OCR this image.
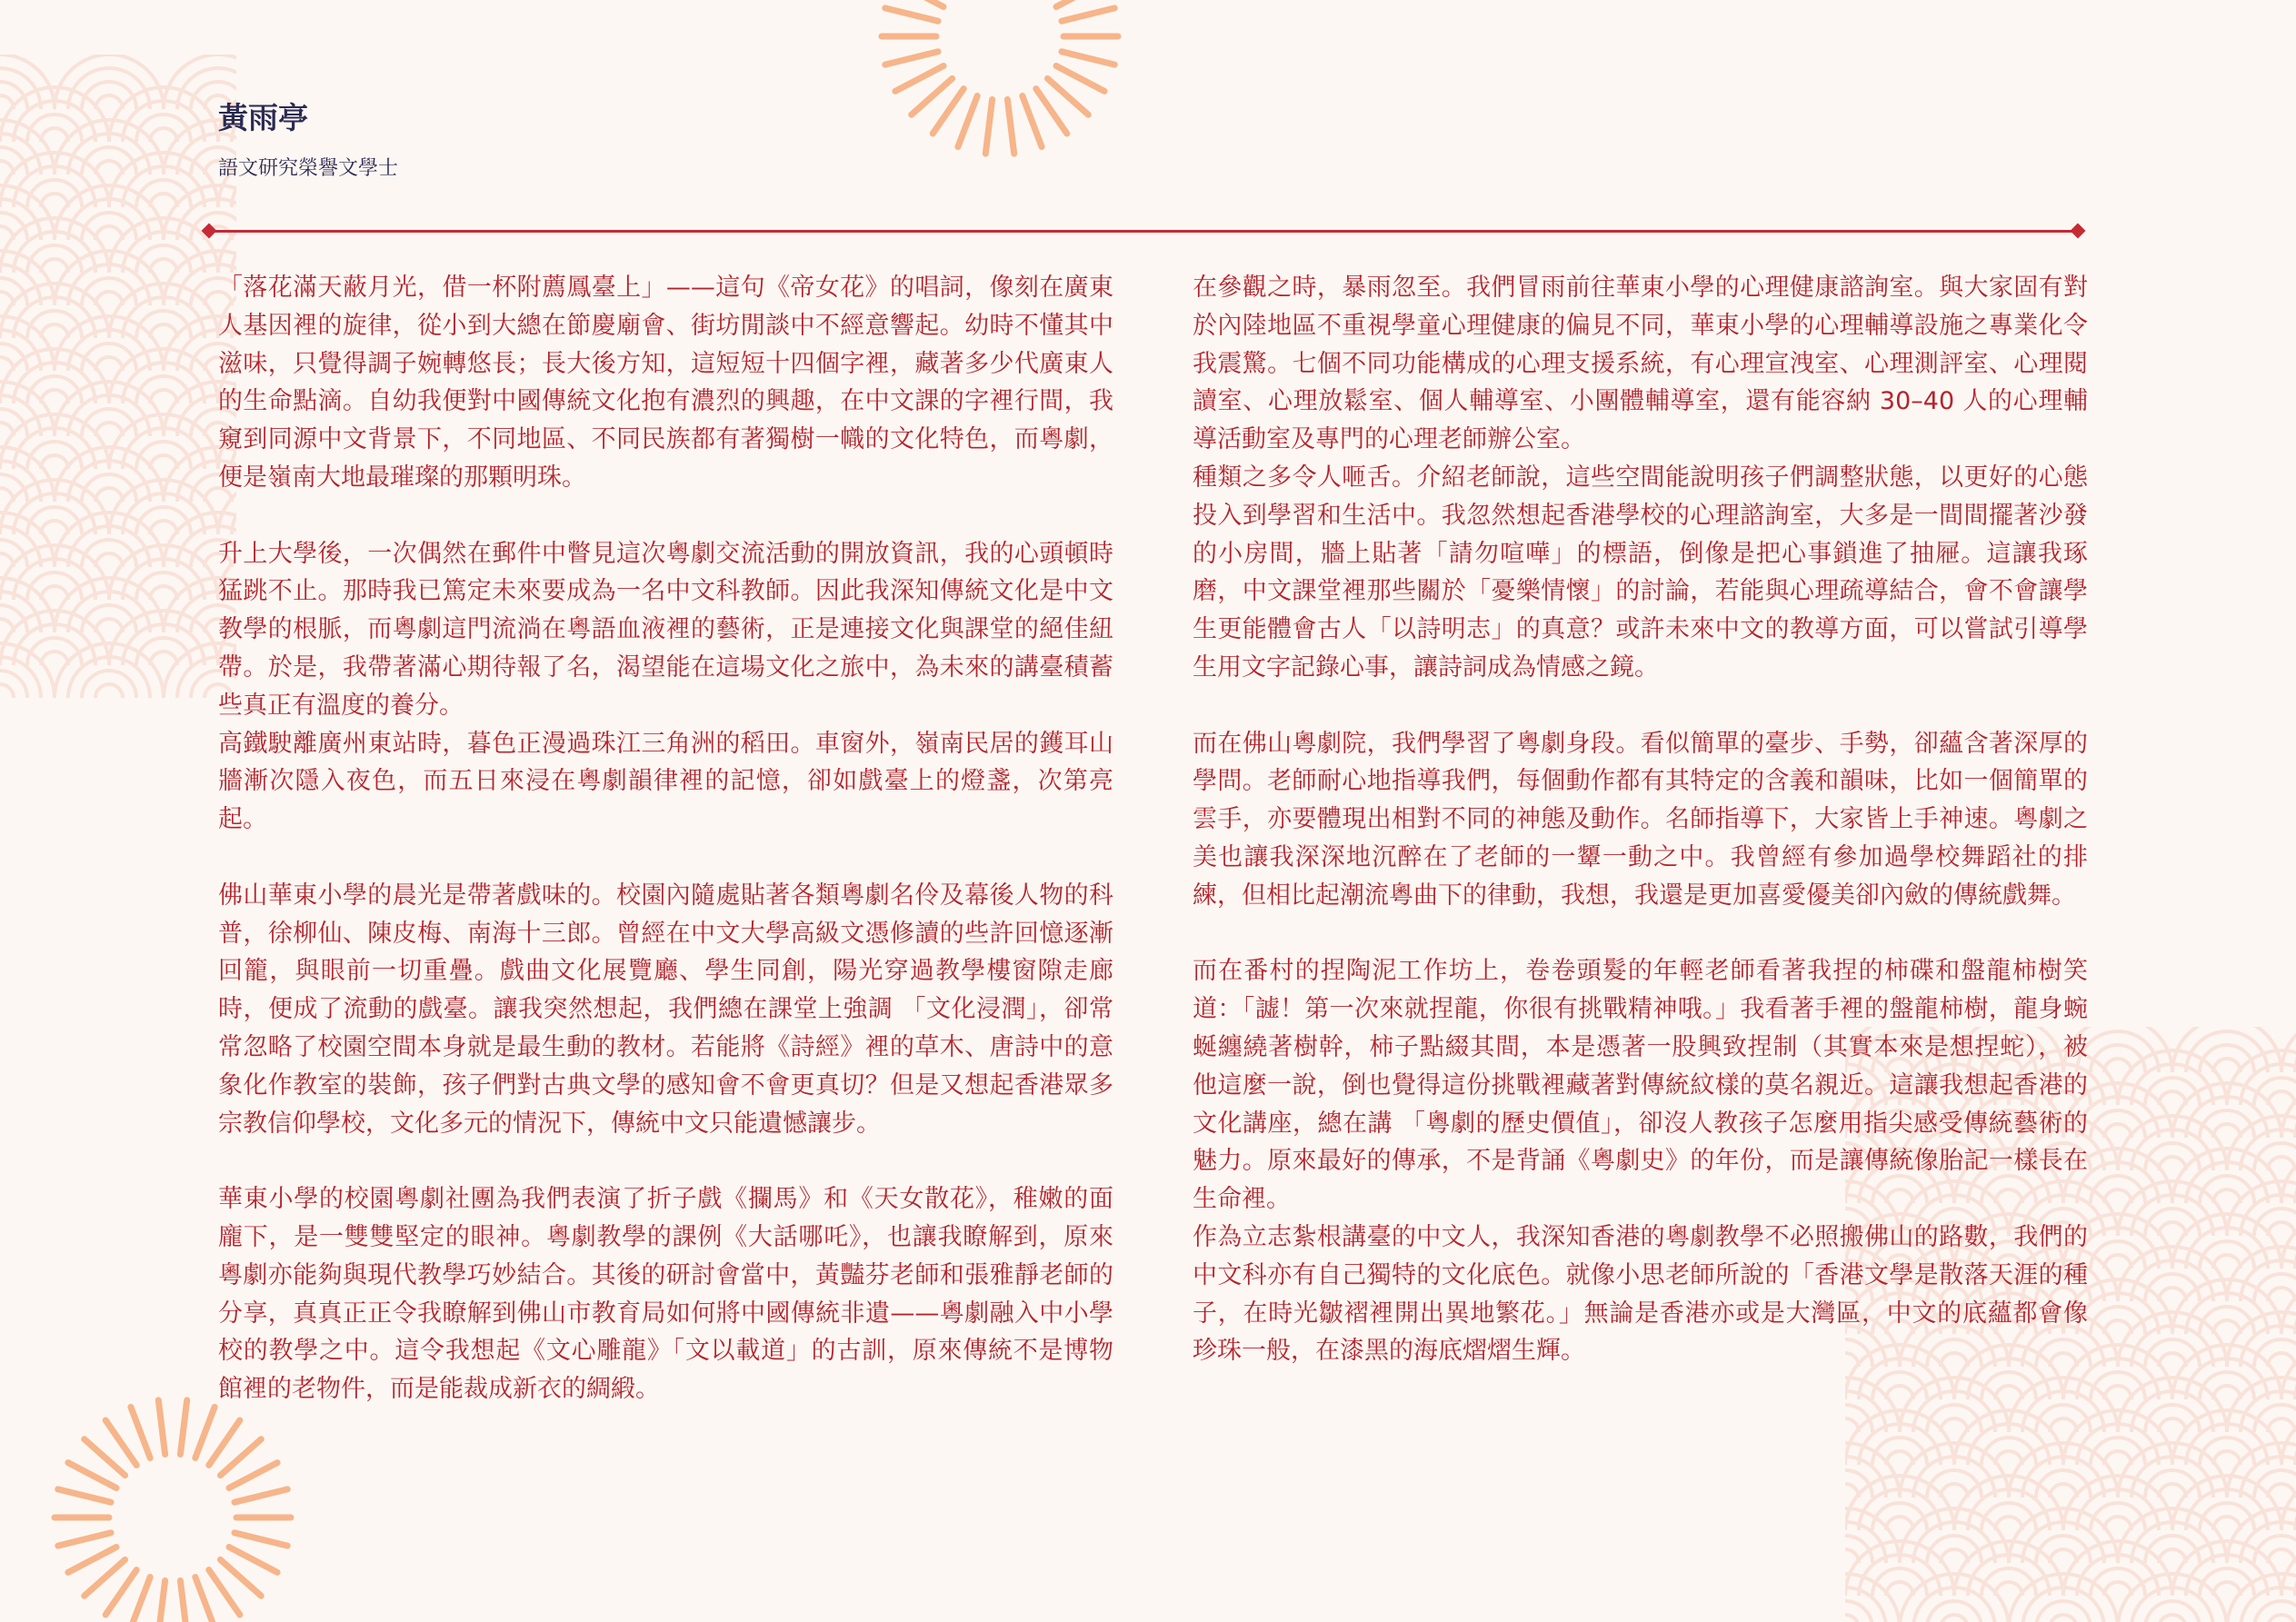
黃雨亭
語文研究榮譽文學士

「落花滿天蔽月光，借一杯附薦鳳臺上」——這句《帝女花》的唱詞，像刻在廣東人基因裡的旋律，從小到大總在節慶廟會、街坊閒談中不經意響起。幼時不懂其中滋味，只覺得調子婉轉悠長；長大後方知，這短短十四個字裡，藏著多少代廣東人的生命點滴。自幼我便對中國傳統文化抱有濃烈的興趣，在中文課的字裡行間，我窺到同源中文背景下，不同地區、不同民族都有著獨樹一幟的文化特色，而粵劇，便是嶺南大地最璀璨的那顆明珠。

升上大學後，一次偶然在郵件中瞥見這次粵劇交流活動的開放資訊，我的心頭頓時猛跳不止。那時我已篤定未來要成為一名中文科教師。因此我深知傳統文化是中文教學的根脈，而粵劇這門流淌在粵語血液裡的藝術，正是連接文化與課堂的絕佳紐帶。於是，我帶著滿心期待報了名，渴望能在這場文化之旅中，為未來的講臺積蓄些真正有溫度的養分。

高鐵駛離廣州東站時，暮色正漫過珠江三角洲的稻田。車窗外，嶺南民居的鑊耳山牆漸次隱入夜色，而五日來浸在粵劇韻律裡的記憶，卻如戲臺上的燈盞，次第亮起。

佛山華東小學的晨光是帶著戲味的。校園內隨處貼著各類粵劇名伶及幕後人物的科普，徐柳仙、陳皮梅、南海十三郎。曾經在中文大學高級文憑修讀的些許回憶逐漸回籠，與眼前一切重疊。戲曲文化展覽廳、學生同創，陽光穿過教學樓窗隙走廊時，便成了流動的戲臺。讓我突然想起，我們總在課堂上強調 「文化浸潤」，卻常常忽略了校園空間本身就是最生動的教材。若能將《詩經》裡的草木、唐詩中的意象化作教室的裝飾，孩子們對古典文學的感知會不會更真切？但是又想起香港眾多宗教信仰學校，文化多元的情況下，傳統中文只能遺憾讓步。

華東小學的校園粵劇社團為我們表演了折子戲《攔馬》和《天女散花》，稚嫩的面龐下，是一雙雙堅定的眼神。粵劇教學的課例《大話哪吒》，也讓我瞭解到，原來粵劇亦能夠與現代教學巧妙結合。其後的研討會當中，黃豔芬老師和張雅靜老師的分享，真真正正令我瞭解到佛山市教育局如何將中國傳統非遺——粵劇融入中小學校的教學之中。這令我想起《文心雕龍》「文以載道」的古訓，原來傳統不是博物館裡的老物件，而是能裁成新衣的綢緞。

在參觀之時，暴雨忽至。我們冒雨前往華東小學的心理健康諮詢室。與大家固有對於內陸地區不重視學童心理健康的偏見不同，華東小學的心理輔導設施之專業化令我震驚。七個不同功能構成的心理支援系統，有心理宣洩室、心理測評室、心理閱讀室、心理放鬆室、個人輔導室、小團體輔導室，還有能容納 30–40 人的心理輔導活動室及專門的心理老師辦公室。

種類之多令人咂舌。介紹老師說，這些空間能說明孩子們調整狀態，以更好的心態投入到學習和生活中。我忽然想起香港學校的心理諮詢室，大多是一間間擺著沙發的小房間，牆上貼著「請勿喧嘩」的標語，倒像是把心事鎖進了抽屜。這讓我琢磨，中文課堂裡那些關於「憂樂情懷」的討論，若能與心理疏導結合，會不會讓學生更能體會古人「以詩明志」的真意？或許未來中文的教導方面，可以嘗試引導學生用文字記錄心事，讓詩詞成為情感之鏡。

而在佛山粵劇院，我們學習了粵劇身段。看似簡單的臺步、手勢，卻蘊含著深厚的學問。老師耐心地指導我們，每個動作都有其特定的含義和韻味，比如一個簡單的雲手，亦要體現出相對不同的神態及動作。名師指導下，大家皆上手神速。粵劇之美也讓我深深地沉醉在了老師的一顰一動之中。我曾經有參加過學校舞蹈社的排練，但相比起潮流粵曲下的律動，我想，我還是更加喜愛優美卻內斂的傳統戲舞。

而在番村的捏陶泥工作坊上，卷卷頭髮的年輕老師看著我捏的柿碟和盤龍柿樹笑道：「譃！第一次來就捏龍，你很有挑戰精神哦。」我看著手裡的盤龍柿樹，龍身蜿蜒纏繞著樹幹，柿子點綴其間，本是憑著一股興致捏制（其實本來是想捏蛇），被他這麼一說，倒也覺得這份挑戰裡藏著對傳統紋樣的莫名親近。這讓我想起香港的文化講座，總在講 「粵劇的歷史價值」，卻沒人教孩子怎麼用指尖感受傳統藝術的魅力。原來最好的傳承，不是背誦《粵劇史》的年份，而是讓傳統像胎記一樣長在生命裡。

作為立志紮根講臺的中文人，我深知香港的粵劇教學不必照搬佛山的路數，我們的中文科亦有自己獨特的文化底色。就像小思老師所說的「香港文學是散落天涯的種子，在時光皺褶裡開出異地繁花。」無論是香港亦或是大灣區，中文的底蘊都會像珍珠一般，在漆黑的海底熠熠生輝。
